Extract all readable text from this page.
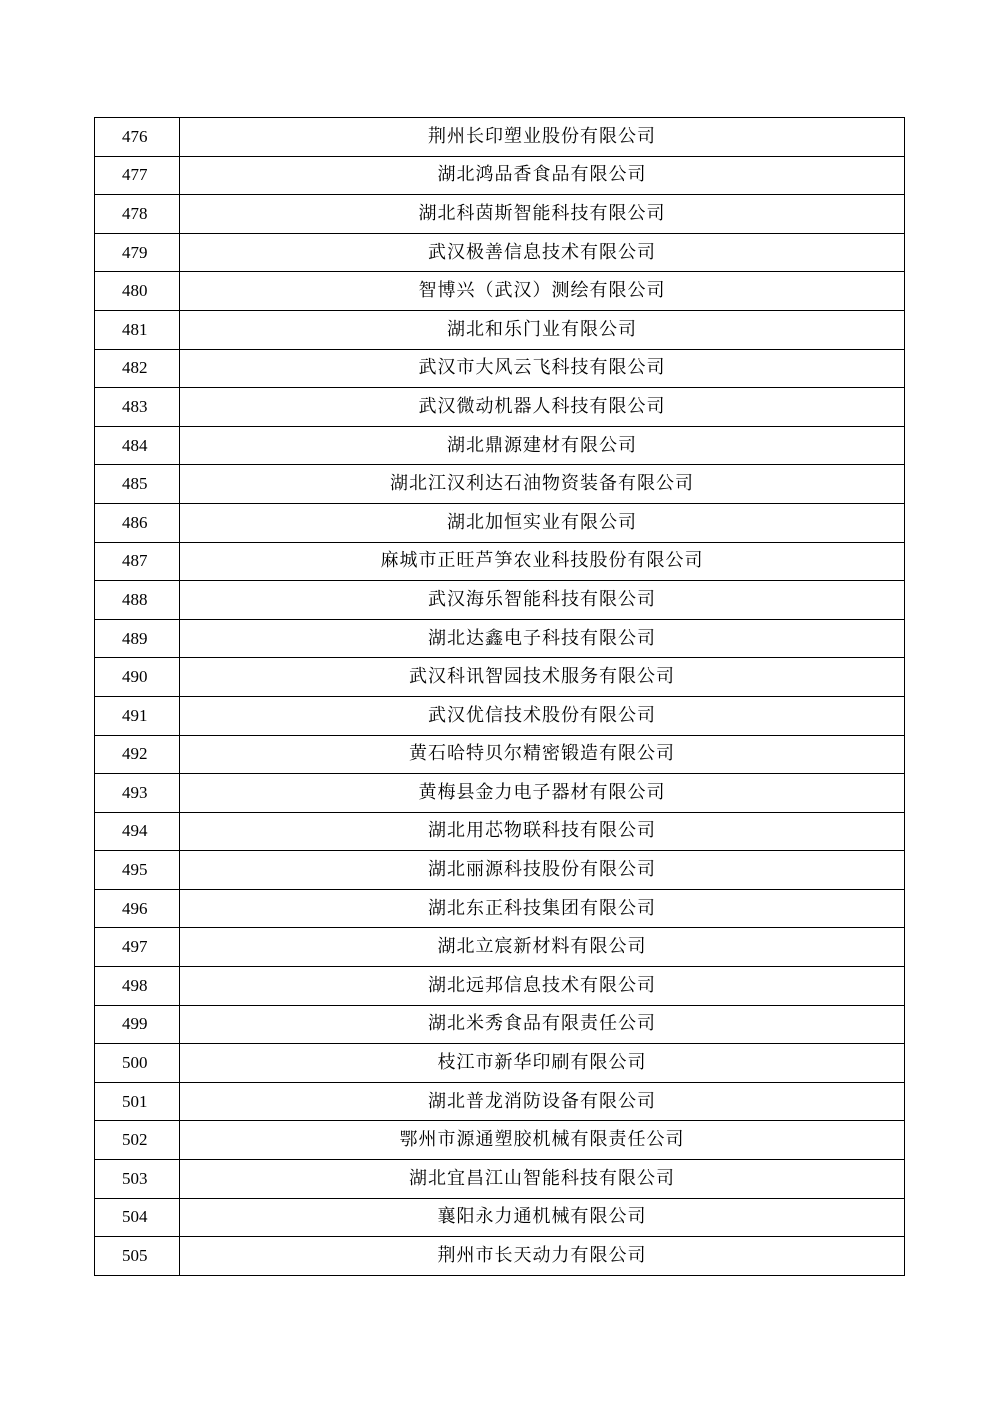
476	荆州长印塑业股份有限公司
477	湖北鸿品香食品有限公司
478	湖北科茵斯智能科技有限公司
479	武汉极善信息技术有限公司
480	智博兴（武汉）测绘有限公司
481	湖北和乐门业有限公司
482	武汉市大风云飞科技有限公司
483	武汉微动机器人科技有限公司
484	湖北鼎源建材有限公司
485	湖北江汉利达石油物资装备有限公司
486	湖北加恒实业有限公司
487	麻城市正旺芦笋农业科技股份有限公司
488	武汉海乐智能科技有限公司
489	湖北达鑫电子科技有限公司
490	武汉科讯智园技术服务有限公司
491	武汉优信技术股份有限公司
492	黄石哈特贝尔精密锻造有限公司
493	黄梅县金力电子器材有限公司
494	湖北用芯物联科技有限公司
495	湖北丽源科技股份有限公司
496	湖北东正科技集团有限公司
497	湖北立宸新材料有限公司
498	湖北远邦信息技术有限公司
499	湖北米秀食品有限责任公司
500	枝江市新华印刷有限公司
501	湖北普龙消防设备有限公司
502	鄂州市源通塑胶机械有限责任公司
503	湖北宜昌江山智能科技有限公司
504	襄阳永力通机械有限公司
505	荆州市长天动力有限公司
